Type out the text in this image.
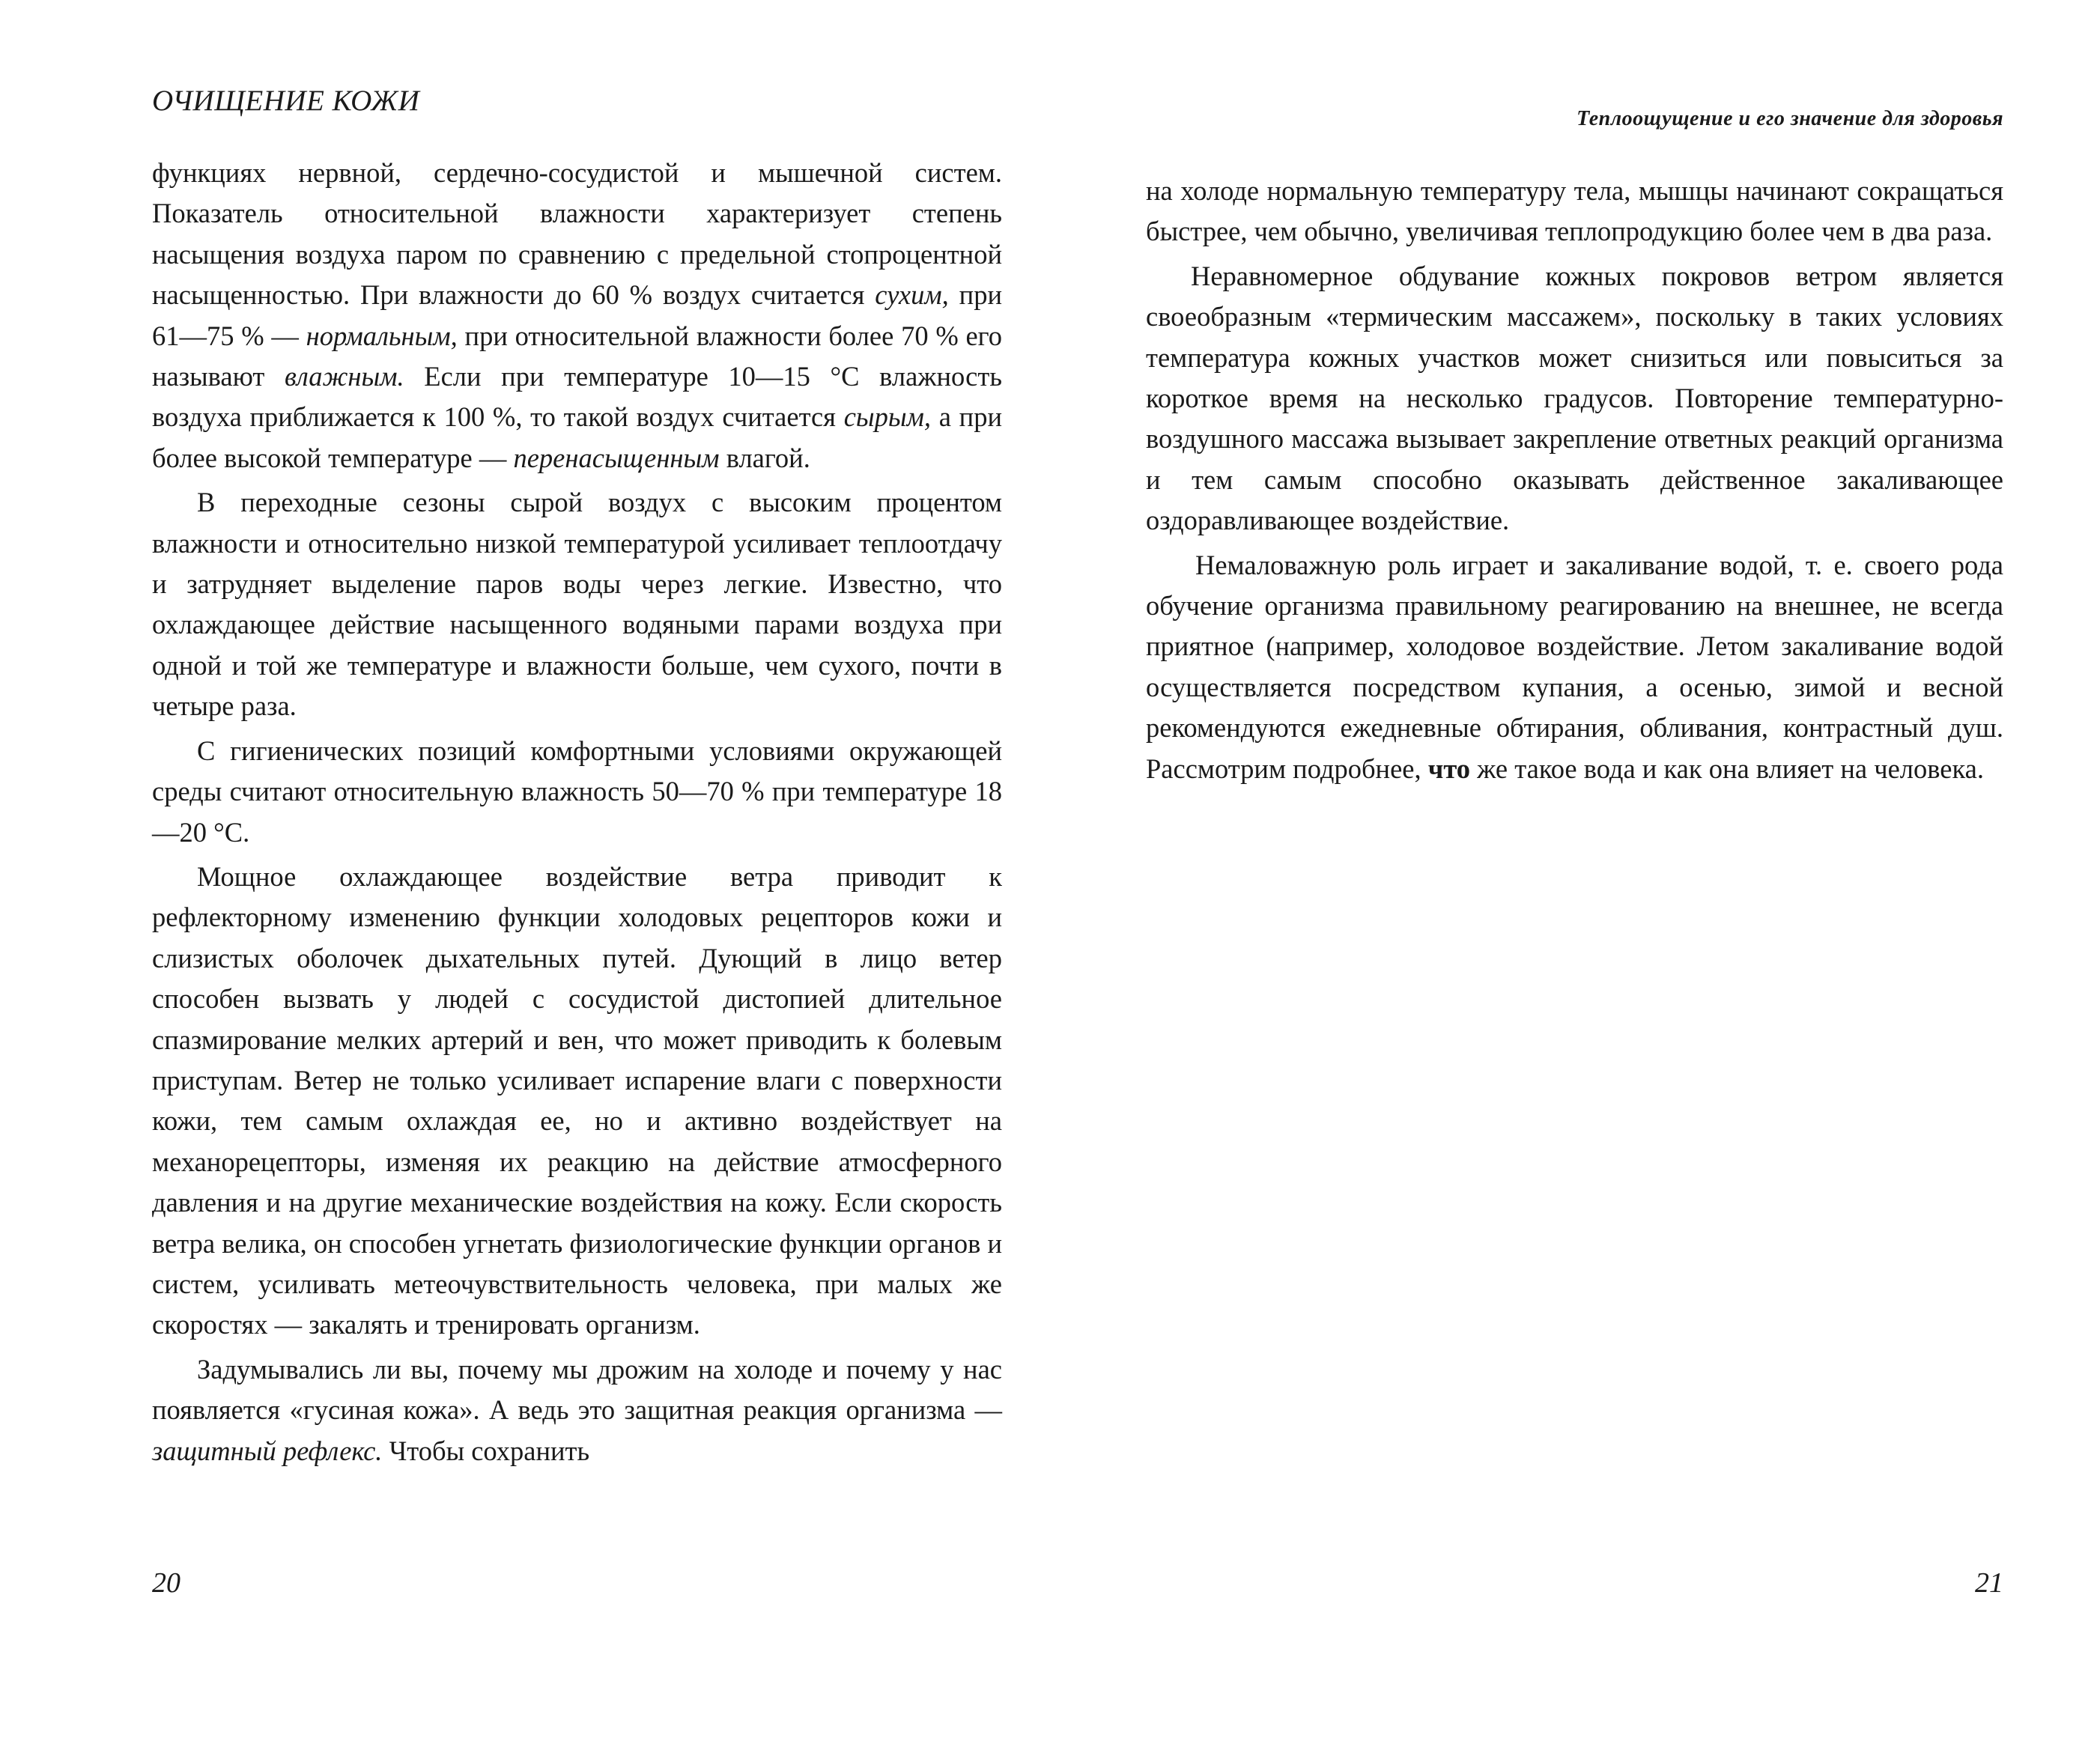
ОЧИЩЕНИЕ КОЖИ

функциях нервной, сердечно-сосудистой и мышечной систем. Показатель относительной влажности характеризует степень насыщения воздуха паром по сравнению с предельной стопроцентной насыщенностью. При влажности до 60 % воздух считается сухим, при 61—75 % — нормальным, при относительной влажности более 70 % его называют влажным. Если при температуре 10—15 °С влажность воздуха приближается к 100 %, то такой воздух считается сырым, а при более высокой температуре — перенасыщенным влагой.

В переходные сезоны сырой воздух с высоким процентом влажности и относительно низкой температурой усиливает теплоотдачу и затрудняет выделение паров воды через легкие. Известно, что охлаждающее действие насыщенного водяными парами воздуха при одной и той же температуре и влажности больше, чем сухого, почти в четыре раза.

С гигиенических позиций комфортными условиями окружающей среды считают относительную влажность 50—70 % при температуре 18—20 °С.

Мощное охлаждающее воздействие ветра приводит к рефлекторному изменению функции холодовых рецепторов кожи и слизистых оболочек дыхательных путей. Дующий в лицо ветер способен вызвать у людей с сосудистой дистопией длительное спазмирование мелких артерий и вен, что может приводить к болевым приступам. Ветер не только усиливает испарение влаги с поверхности кожи, тем самым охлаждая ее, но и активно воздействует на механорецепторы, изменяя их реакцию на действие атмосферного давления и на другие механические воздействия на кожу. Если скорость ветра велика, он способен угнетать физиологические функции органов и систем, усиливать метеочувствительность человека, при малых же скоростях — закалять и тренировать организм.

Задумывались ли вы, почему мы дрожим на холоде и почему у нас появляется «гусиная кожа». А ведь это защитная реакция организма — защитный рефлекс. Чтобы сохранить

20
Теплоощущение и его значение для здоровья

на холоде нормальную температуру тела, мышцы начинают сокращаться быстрее, чем обычно, увеличивая теплопродукцию более чем в два раза.

Неравномерное обдувание кожных покровов ветром является своеобразным «термическим массажем», поскольку в таких условиях температура кожных участков может снизиться или повыситься за короткое время на несколько градусов. Повторение температурно-воздушного массажа вызывает закрепление ответных реакций организма и тем самым способно оказывать действенное закаливающее оздоравливающее воздействие.

Немаловажную роль играет и закаливание водой, т. е. своего рода обучение организма правильному реагированию на внешнее, не всегда приятное (например, холодовое воздействие. Летом закаливание водой осуществляется посредством купания, а осенью, зимой и весной рекомендуются ежедневные обтирания, обливания, контрастный душ. Рассмотрим подробнее, что же такое вода и как она влияет на человека.

21
